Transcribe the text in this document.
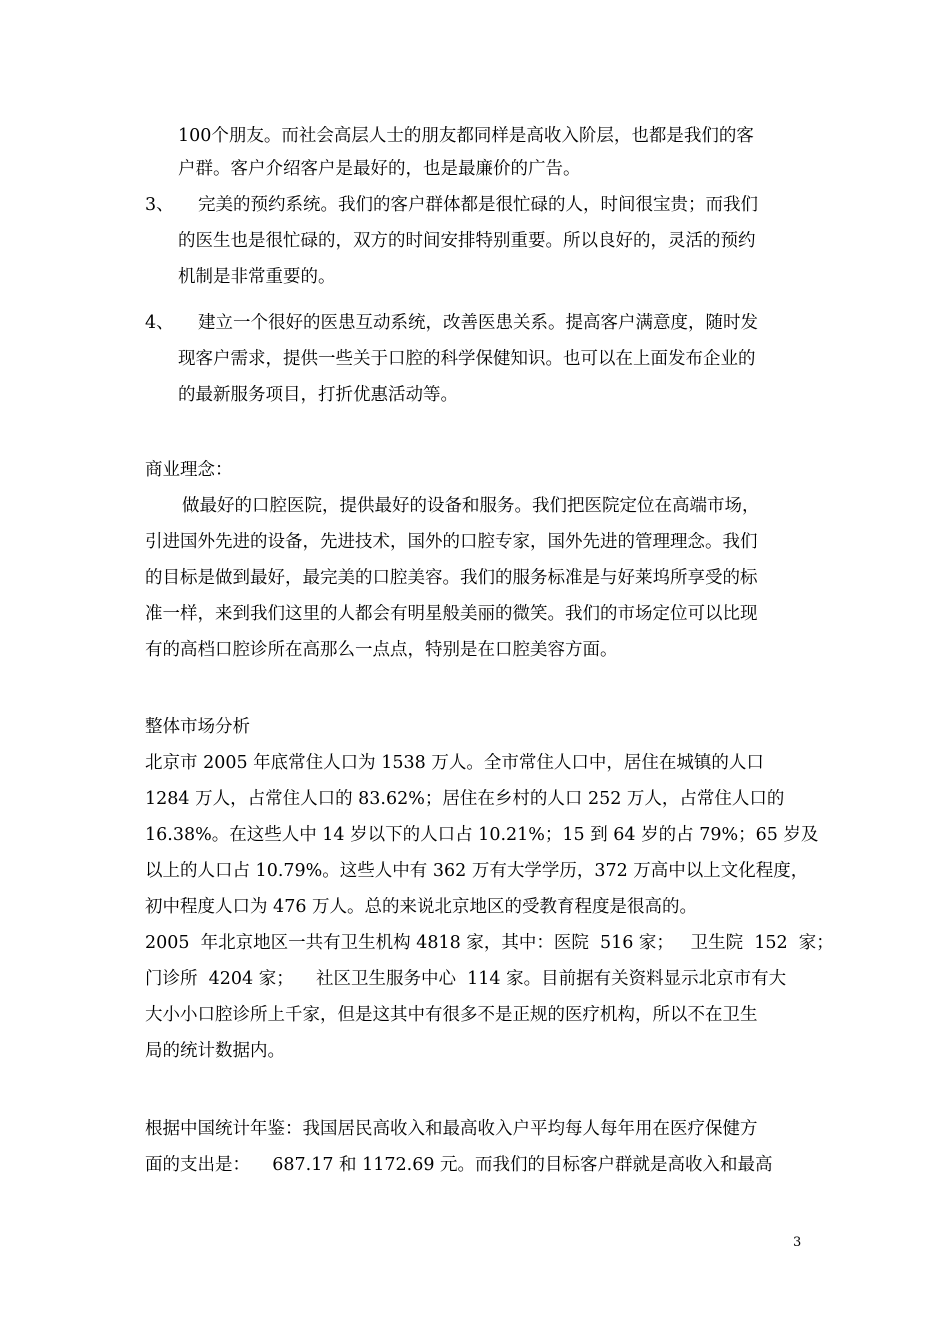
100个朋友。而社会高层人士的朋友都同样是高收入阶层，也都是我们的客
户群。客户介绍客户是最好的，也是最廉价的广告。
3、 完美的预约系统。我们的客户群体都是很忙碌的人，时间很宝贵；而我们
的医生也是很忙碌的，双方的时间安排特别重要。所以良好的，灵活的预约
机制是非常重要的。
4、 建立一个很好的医患互动系统，改善医患关系。提高客户满意度，随时发
现客户需求，提供一些关于口腔的科学保健知识。也可以在上面发布企业的
的最新服务项目，打折优惠活动等。
商业理念：
做最好的口腔医院，提供最好的设备和服务。我们把医院定位在高端市场，
引进国外先进的设备，先进技术，国外的口腔专家，国外先进的管理理念。我们
的目标是做到最好，最完美的口腔美容。我们的服务标准是与好莱坞所享受的标
准一样，来到我们这里的人都会有明星般美丽的微笑。我们的市场定位可以比现
有的高档口腔诊所在高那么一点点，特别是在口腔美容方面。
整体市场分析
北京市 2005 年底常住人口为 1538 万人。全市常住人口中，居住在城镇的人口
1284 万人，占常住人口的 83.62%；居住在乡村的人口 252 万人，占常住人口的
16.38%。在这些人中 14 岁以下的人口占 10.21%；15 到 64 岁的占 79%；65 岁及
以上的人口占 10.79%。这些人中有 362 万有大学学历，372 万高中以上文化程度，
初中程度人口为 476 万人。总的来说北京地区的受教育程度是很高的。
2005  年北京地区一共有卫生机构 4818 家，其中：医院  516 家；   卫生院  152  家；
门诊所  4204 家；    社区卫生服务中心  114 家。目前据有关资料显示北京市有大
大小小口腔诊所上千家，但是这其中有很多不是正规的医疗机构，所以不在卫生
局的统计数据内。
根据中国统计年鉴：我国居民高收入和最高收入户平均每人每年用在医疗保健方
面的支出是：    687.17 和 1172.69 元。而我们的目标客户群就是高收入和最高
3
